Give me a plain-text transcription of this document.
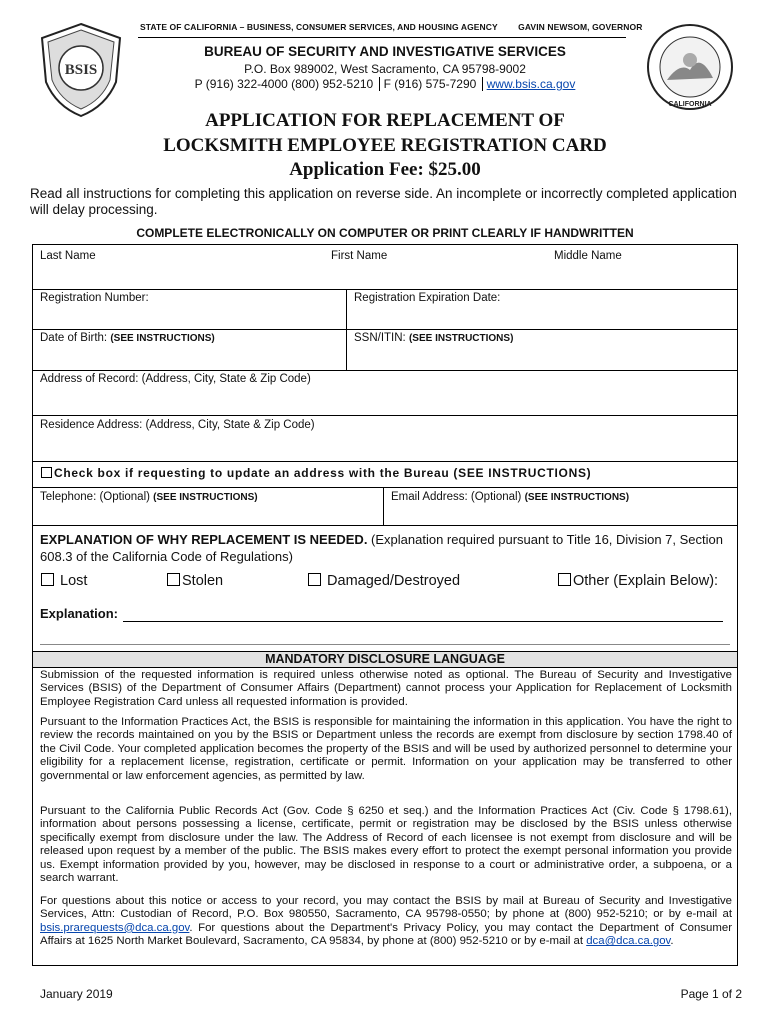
STATE OF CALIFORNIA – BUSINESS, CONSUMER SERVICES, AND HOUSING AGENCY GAVIN NEWSOM, GOVERNOR
BSIS
CALIFORNIA
BUREAU OF SECURITY AND INVESTIGATIVE SERVICES
P.O. Box 989002, West Sacramento, CA 95798-9002
P (916) 322-4000 (800) 952-5210 F (916) 575-7290 www.bsis.ca.gov
APPLICATION FOR REPLACEMENT OF
LOCKSMITH EMPLOYEE REGISTRATION CARD
Application Fee: $25.00
Read all instructions for completing this application on reverse side. An incomplete or incorrectly completed application will delay processing.
COMPLETE ELECTRONICALLY ON COMPUTER OR PRINT CLEARLY IF HANDWRITTEN
Last Name	First Name	Middle Name
Registration Number:	Registration Expiration Date:
Date of Birth: (SEE INSTRUCTIONS)	SSN/ITIN: (SEE INSTRUCTIONS)
Address of Record: (Address, City, State & Zip Code)
Residence Address: (Address, City, State & Zip Code)
Check box if requesting to update an address with the Bureau (SEE INSTRUCTIONS)
Telephone: (Optional) (SEE INSTRUCTIONS)	Email Address: (Optional) (SEE INSTRUCTIONS)
EXPLANATION OF WHY REPLACEMENT IS NEEDED. (Explanation required pursuant to Title 16, Division 7, Section 608.3 of the California Code of Regulations)
Lost	Stolen	Damaged/Destroyed	Other (Explain Below):
Explanation:
MANDATORY DISCLOSURE LANGUAGE
Submission of the requested information is required unless otherwise noted as optional. The Bureau of Security and Investigative Services (BSIS) of the Department of Consumer Affairs (Department) cannot process your Application for Replacement of Locksmith Employee Registration Card unless all requested information is provided.
Pursuant to the Information Practices Act, the BSIS is responsible for maintaining the information in this application. You have the right to review the records maintained on you by the BSIS or Department unless the records are exempt from disclosure by section 1798.40 of the Civil Code. Your completed application becomes the property of the BSIS and will be used by authorized personnel to determine your eligibility for a replacement license, registration, certificate or permit. Information on your application may be transferred to other governmental or law enforcement agencies, as permitted by law.
Pursuant to the California Public Records Act (Gov. Code § 6250 et seq.) and the Information Practices Act (Civ. Code § 1798.61), information about persons possessing a license, certificate, permit or registration may be disclosed by the BSIS unless otherwise specifically exempt from disclosure under the law. The Address of Record of each licensee is not exempt from disclosure and will be released upon request by a member of the public. The BSIS makes every effort to protect the exempt personal information you provide us. Exempt information provided by you, however, may be disclosed in response to a court or administrative order, a subpoena, or a search warrant.
For questions about this notice or access to your record, you may contact the BSIS by mail at Bureau of Security and Investigative Services, Attn: Custodian of Record, P.O. Box 980550, Sacramento, CA 95798-0550; by phone at (800) 952-5210; or by e-mail at bsis.prarequests@dca.ca.gov. For questions about the Department's Privacy Policy, you may contact the Department of Consumer Affairs at 1625 North Market Boulevard, Sacramento, CA 95834, by phone at (800) 952-5210 or by e-mail at dca@dca.ca.gov.
January 2019	Page 1 of 2
